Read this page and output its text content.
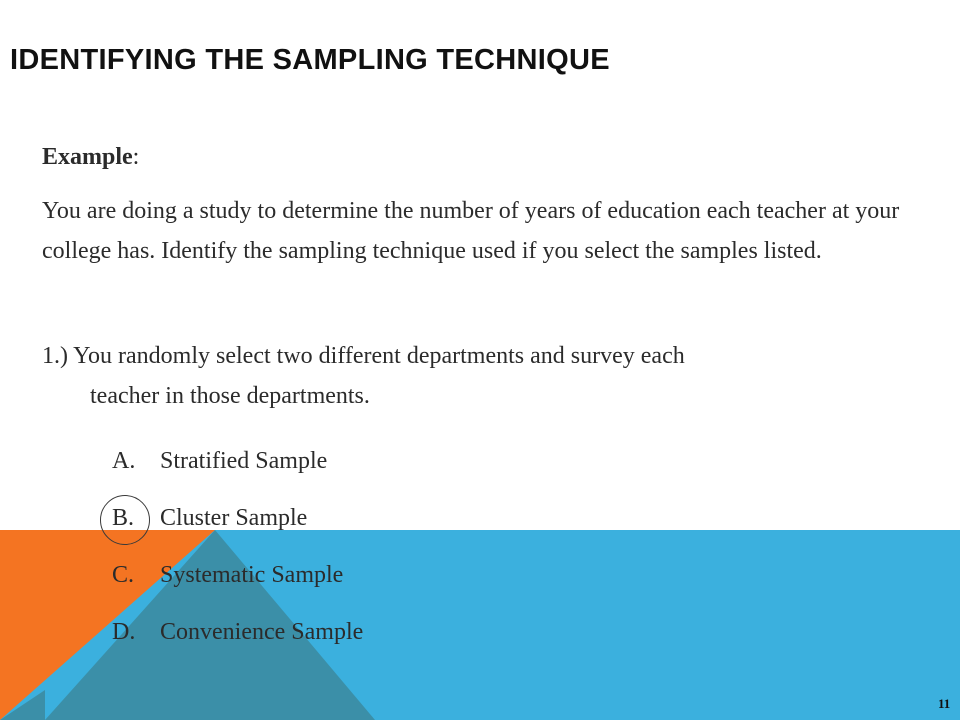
IDENTIFYING THE SAMPLING TECHNIQUE
Example:
You are doing a study to determine the number of years of education each teacher at your college has. Identify the sampling technique used if you select the samples listed.
1.) You randomly select two different departments and survey each
teacher in those departments.
A.	Stratified Sample
B.	Cluster Sample
C.	Systematic Sample
D.	Convenience Sample
11
